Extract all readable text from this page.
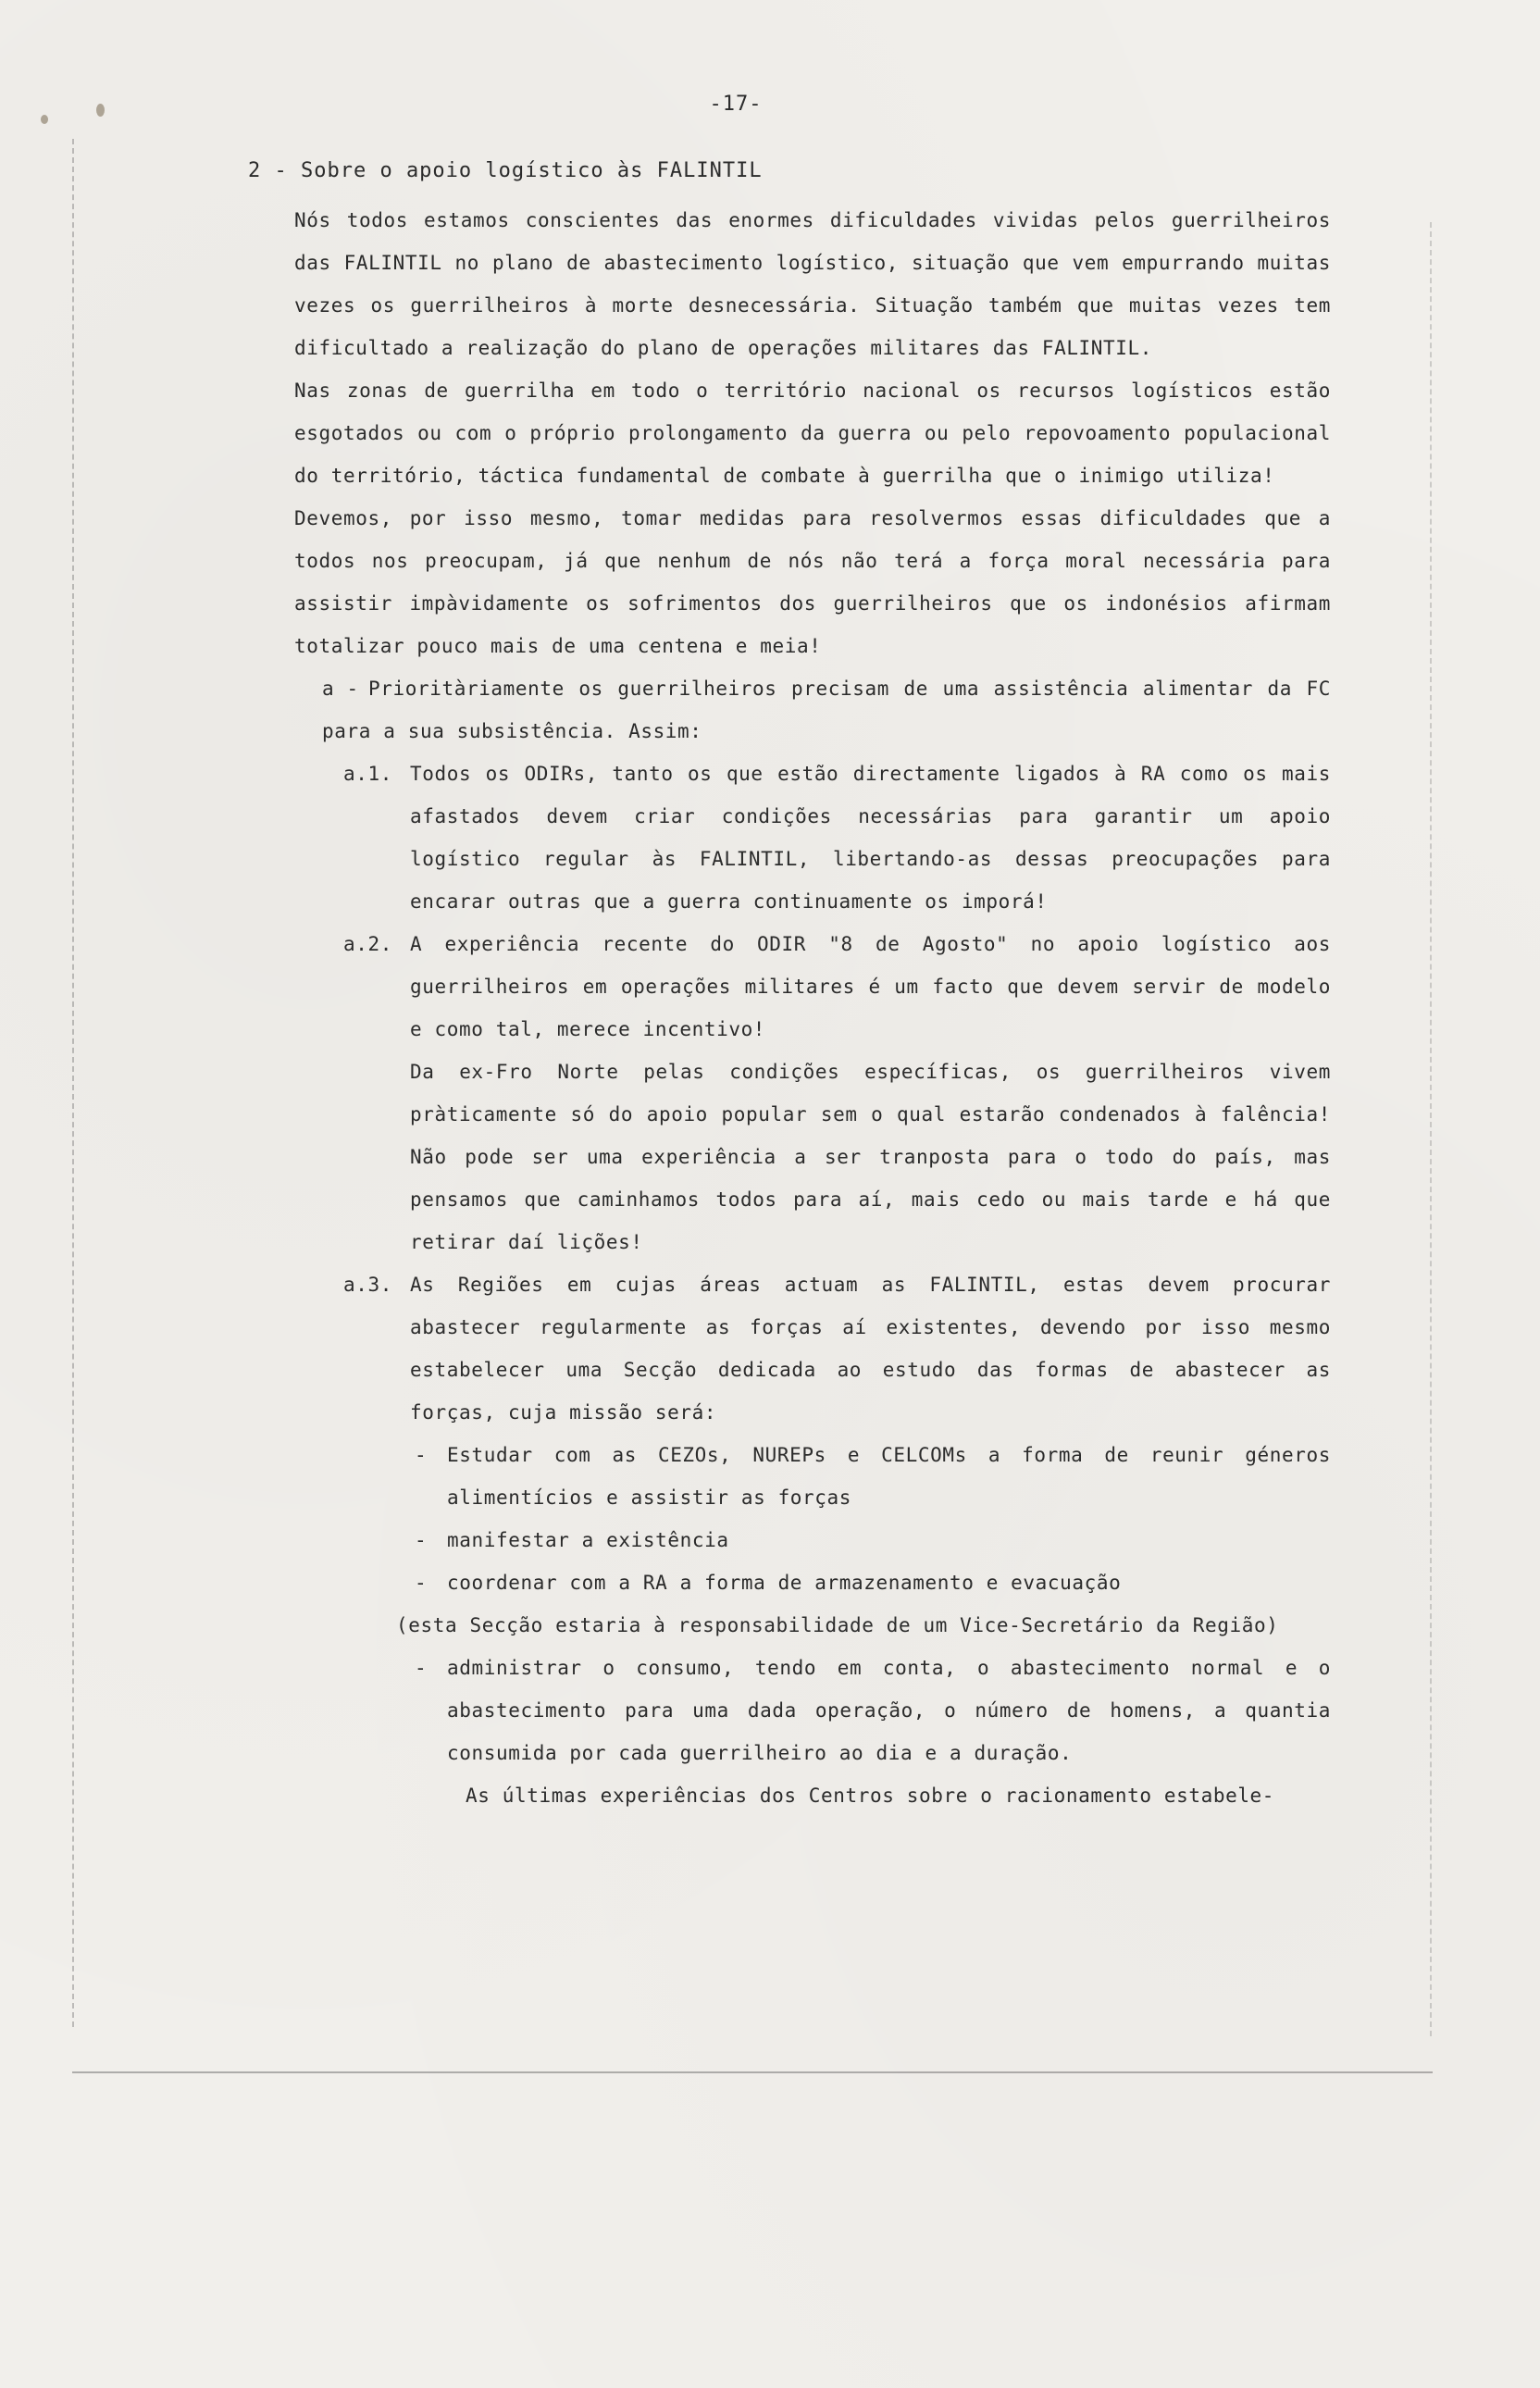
-17-
2 - Sobre o apoio logístico às FALINTIL

Nós todos estamos conscientes das enormes dificuldades vividas pelos guerrilheiros das FALINTIL no plano de abastecimento logístico, situação que vem empurrando muitas vezes os guerrilheiros à morte desnecessária. Situação também que muitas vezes tem dificultado a realização do plano de operações militares das FALINTIL.

Nas zonas de guerrilha em todo o território nacional os recursos logísticos estão esgotados ou com o próprio prolongamento da guerra ou pelo repovoamento populacional do território, táctica fundamental de combate à guerrilha que o inimigo utiliza!

Devemos, por isso mesmo, tomar medidas para resolvermos essas dificuldades que a todos nos preocupam, já que nenhum de nós não terá a força moral necessária para assistir impàvidamente os sofrimentos dos guerrilheiros que os indonésios afirmam totalizar pouco mais de uma centena e meia!

a - Prioritàriamente os guerrilheiros precisam de uma assistência alimentar da FC para a sua subsistência. Assim:

a.1. Todos os ODIRs, tanto os que estão directamente ligados à RA como os mais afastados devem criar condições necessárias para garantir um apoio logístico regular às FALINTIL, libertando-as dessas preocupações para encarar outras que a guerra continuamente os imporá!

a.2. A experiência recente do ODIR "8 de Agosto" no apoio logístico aos guerrilheiros em operações militares é um facto que devem servir de modelo e como tal, merece incentivo!

Da ex-Fro Norte pelas condições específicas, os guerrilheiros vivem pràticamente só do apoio popular sem o qual estarão condenados à falência! Não pode ser uma experiência a ser tranposta para o todo do país, mas pensamos que caminhamos todos para aí, mais cedo ou mais tarde e há que retirar daí lições!

a.3. As Regiões em cujas áreas actuam as FALINTIL, estas devem procurar abastecer regularmente as forças aí existentes, devendo por isso mesmo estabelecer uma Secção dedicada ao estudo das formas de abastecer as forças, cuja missão será:

- Estudar com as CEZOs, NUREPs e CELCOMs a forma de reunir géneros alimentícios e assistir as forças

- manifestar a existência

- coordenar com a RA a forma de armazenamento e evacuação

(esta Secção estaria à responsabilidade de um Vice-Secretário da Região)

- administrar o consumo, tendo em conta, o abastecimento normal e o abastecimento para uma dada operação, o número de homens, a quantia consumida por cada guerrilheiro ao dia e a duração.

As últimas experiências dos Centros sobre o racionamento estabele-
